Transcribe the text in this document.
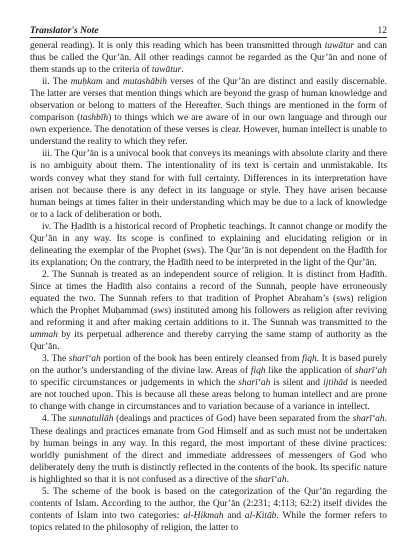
Translator's Note	12

general reading). It is only this reading which has been transmitted through tawātur and can thus be called the Qur’ān. All other readings cannot be regarded as the Qur’ān and none of them stands up to the criteria of tawātur.

ii. The muḥkam and mutashābih verses of the Qur’ān are distinct and easily discernable. The latter are verses that mention things which are beyond the grasp of human knowledge and observation or belong to matters of the Hereafter. Such things are mentioned in the form of comparison (tashbīh) to things which we are aware of in our own language and through our own experience. The denotation of these verses is clear. However, human intellect is unable to understand the reality to which they refer.

iii. The Qur’ān is a univocal book that conveys its meanings with absolute clarity and there is no ambiguity about them. The intentionality of its text is certain and unmistakable. Its words convey what they stand for with full certainty. Differences in its interpretation have arisen not because there is any defect in its language or style. They have arisen because human beings at times falter in their understanding which may be due to a lack of knowledge or to a lack of deliberation or both.

iv. The Ḥadīth is a historical record of Prophetic teachings. It cannot change or modify the Qur’ān in any way. Its scope is confined to explaining and elucidating religion or in delineating the exemplar of the Prophet (sws). The Qur’ān is not dependent on the Ḥadīth for its explanation; On the contrary, the Ḥadīth need to be interpreted in the light of the Qur’ān.

2. The Sunnah is treated as an independent source of religion. It is distinct from Ḥadīth. Since at times the Ḥadīth also contains a record of the Sunnah, people have erroneously equated the two. The Sunnah refers to that tradition of Prophet Abraham’s (sws) religion which the Prophet Muḥammad (sws) instituted among his followers as religion after reviving and reforming it and after making certain additions to it. The Sunnah was transmitted to the ummah by its perpetual adherence and thereby carrying the same stamp of authority as the Qur’ān.

3. The sharī‘ah portion of the book has been entirely cleansed from fiqh. It is based purely on the author’s understanding of the divine law. Areas of fiqh like the application of sharī‘ah to specific circumstances or judgements in which the sharī‘ah is silent and ijtihād is needed are not touched upon. This is because all these areas belong to human intellect and are prone to change with change in circumstances and to variation because of a variance in intellect.

4. The sunnatullāh (dealings and practices of God) have been separated from the sharī‘ah. These dealings and practices emanate from God Himself and as such must not be undertaken by human beings in any way. In this regard, the most important of these divine practices: worldly punishment of the direct and immediate addressees of messengers of God who deliberately deny the truth is distinctly reflected in the contents of the book. Its specific nature is highlighted so that it is not confused as a directive of the sharī‘ah.

5. The scheme of the book is based on the categorization of the Qur’ān regarding the contents of Islam. According to the author, the Qur’ān (2:231; 4:113; 62:2) itself divides the contents of Islam into two categories: al-Ḥikmah and al-Kitāb. While the former refers to topics related to the philosophy of religion, the latter to
